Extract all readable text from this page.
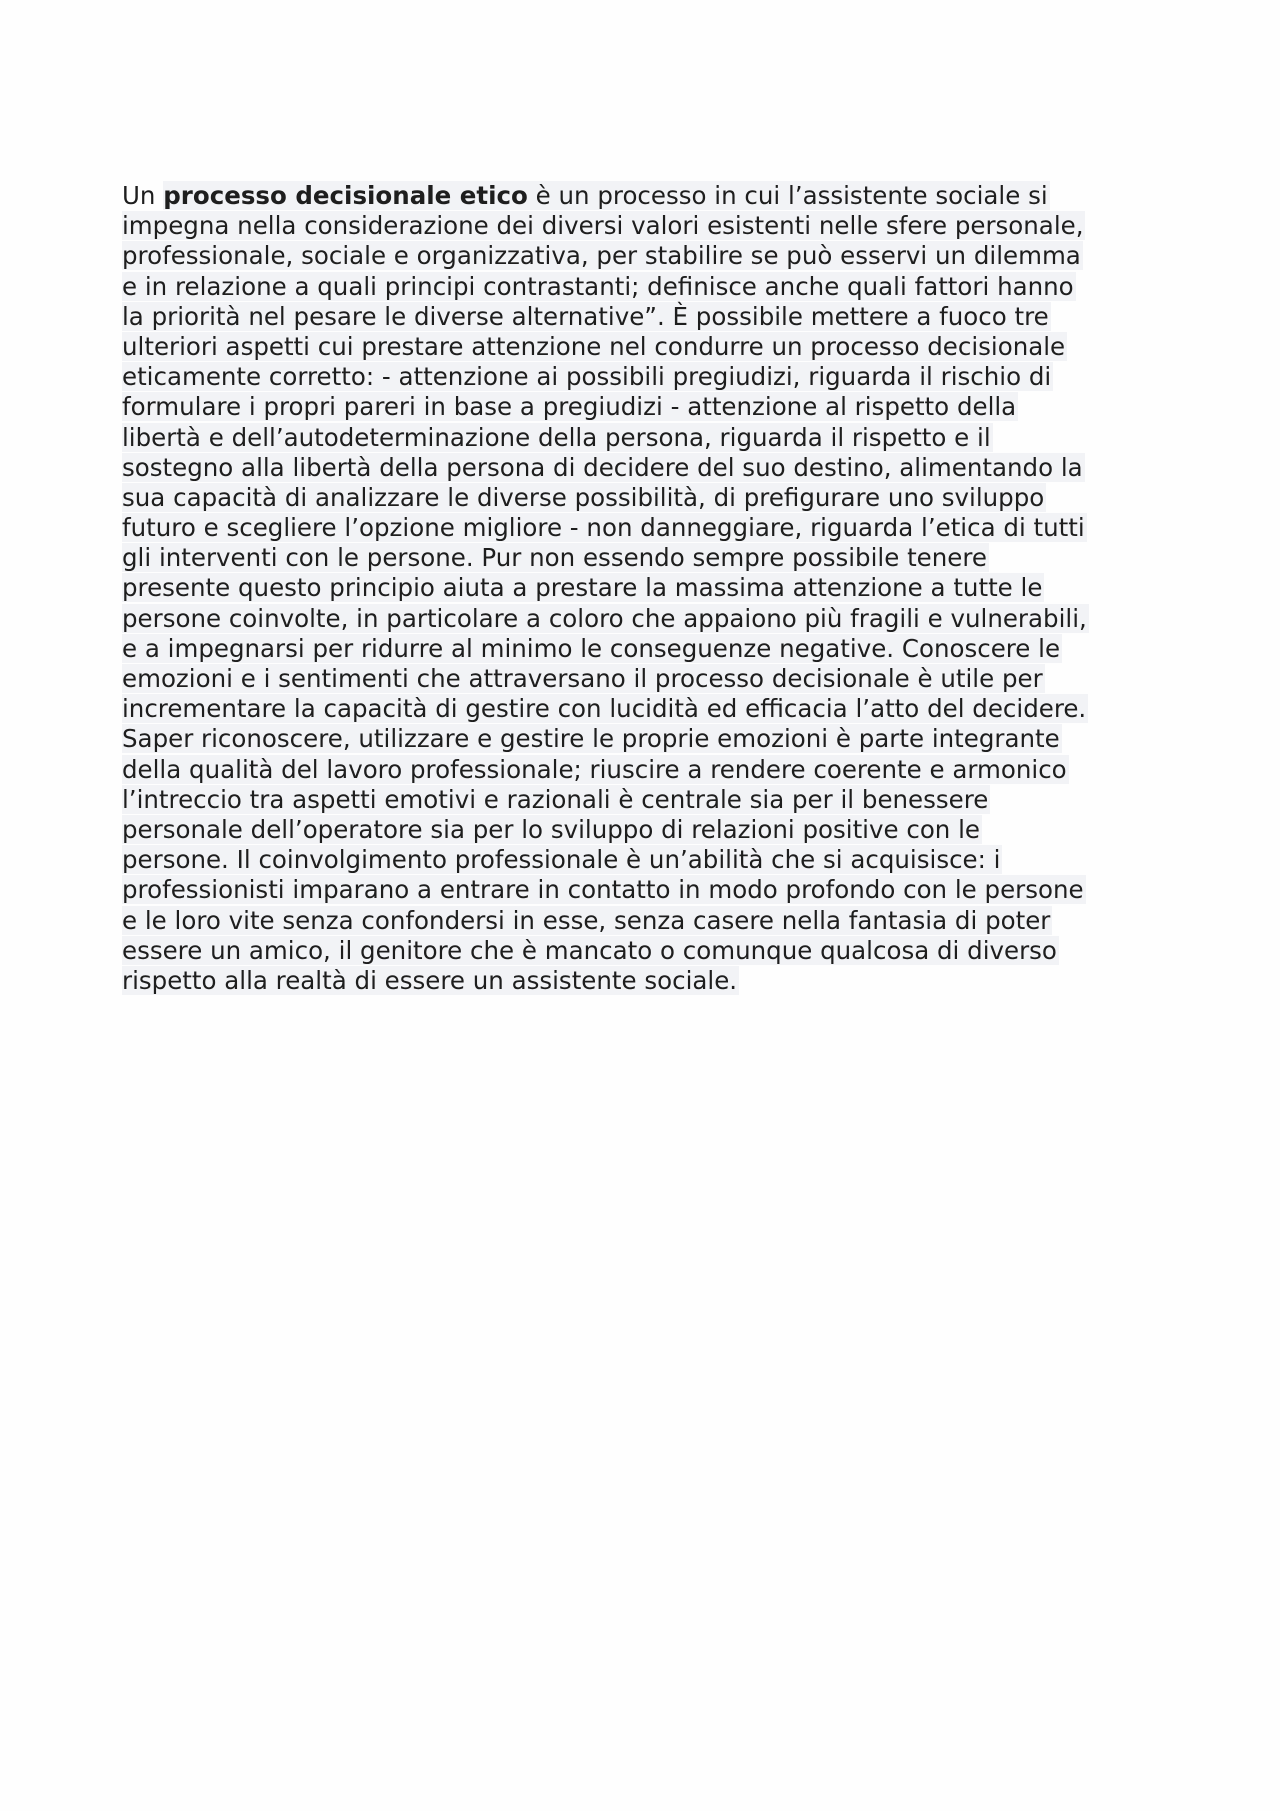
Un processo decisionale etico è un processo in cui l’assistente sociale si
impegna nella considerazione dei diversi valori esistenti nelle sfere personale,
professionale, sociale e organizzativa, per stabilire se può esservi un dilemma
e in relazione a quali principi contrastanti; definisce anche quali fattori hanno
la priorità nel pesare le diverse alternative”. È possibile mettere a fuoco tre
ulteriori aspetti cui prestare attenzione nel condurre un processo decisionale
eticamente corretto: - attenzione ai possibili pregiudizi, riguarda il rischio di
formulare i propri pareri in base a pregiudizi - attenzione al rispetto della
libertà e dell’autodeterminazione della persona, riguarda il rispetto e il
sostegno alla libertà della persona di decidere del suo destino, alimentando la
sua capacità di analizzare le diverse possibilità, di prefigurare uno sviluppo
futuro e scegliere l’opzione migliore - non danneggiare, riguarda l’etica di tutti
gli interventi con le persone. Pur non essendo sempre possibile tenere
presente questo principio aiuta a prestare la massima attenzione a tutte le
persone coinvolte, in particolare a coloro che appaiono più fragili e vulnerabili,
e a impegnarsi per ridurre al minimo le conseguenze negative. Conoscere le
emozioni e i sentimenti che attraversano il processo decisionale è utile per
incrementare la capacità di gestire con lucidità ed efficacia l’atto del decidere.
Saper riconoscere, utilizzare e gestire le proprie emozioni è parte integrante
della qualità del lavoro professionale; riuscire a rendere coerente e armonico
l’intreccio tra aspetti emotivi e razionali è centrale sia per il benessere
personale dell’operatore sia per lo sviluppo di relazioni positive con le
persone. Il coinvolgimento professionale è un’abilità che si acquisisce: i
professionisti imparano a entrare in contatto in modo profondo con le persone
e le loro vite senza confondersi in esse, senza casere nella fantasia di poter
essere un amico, il genitore che è mancato o comunque qualcosa di diverso
rispetto alla realtà di essere un assistente sociale.
